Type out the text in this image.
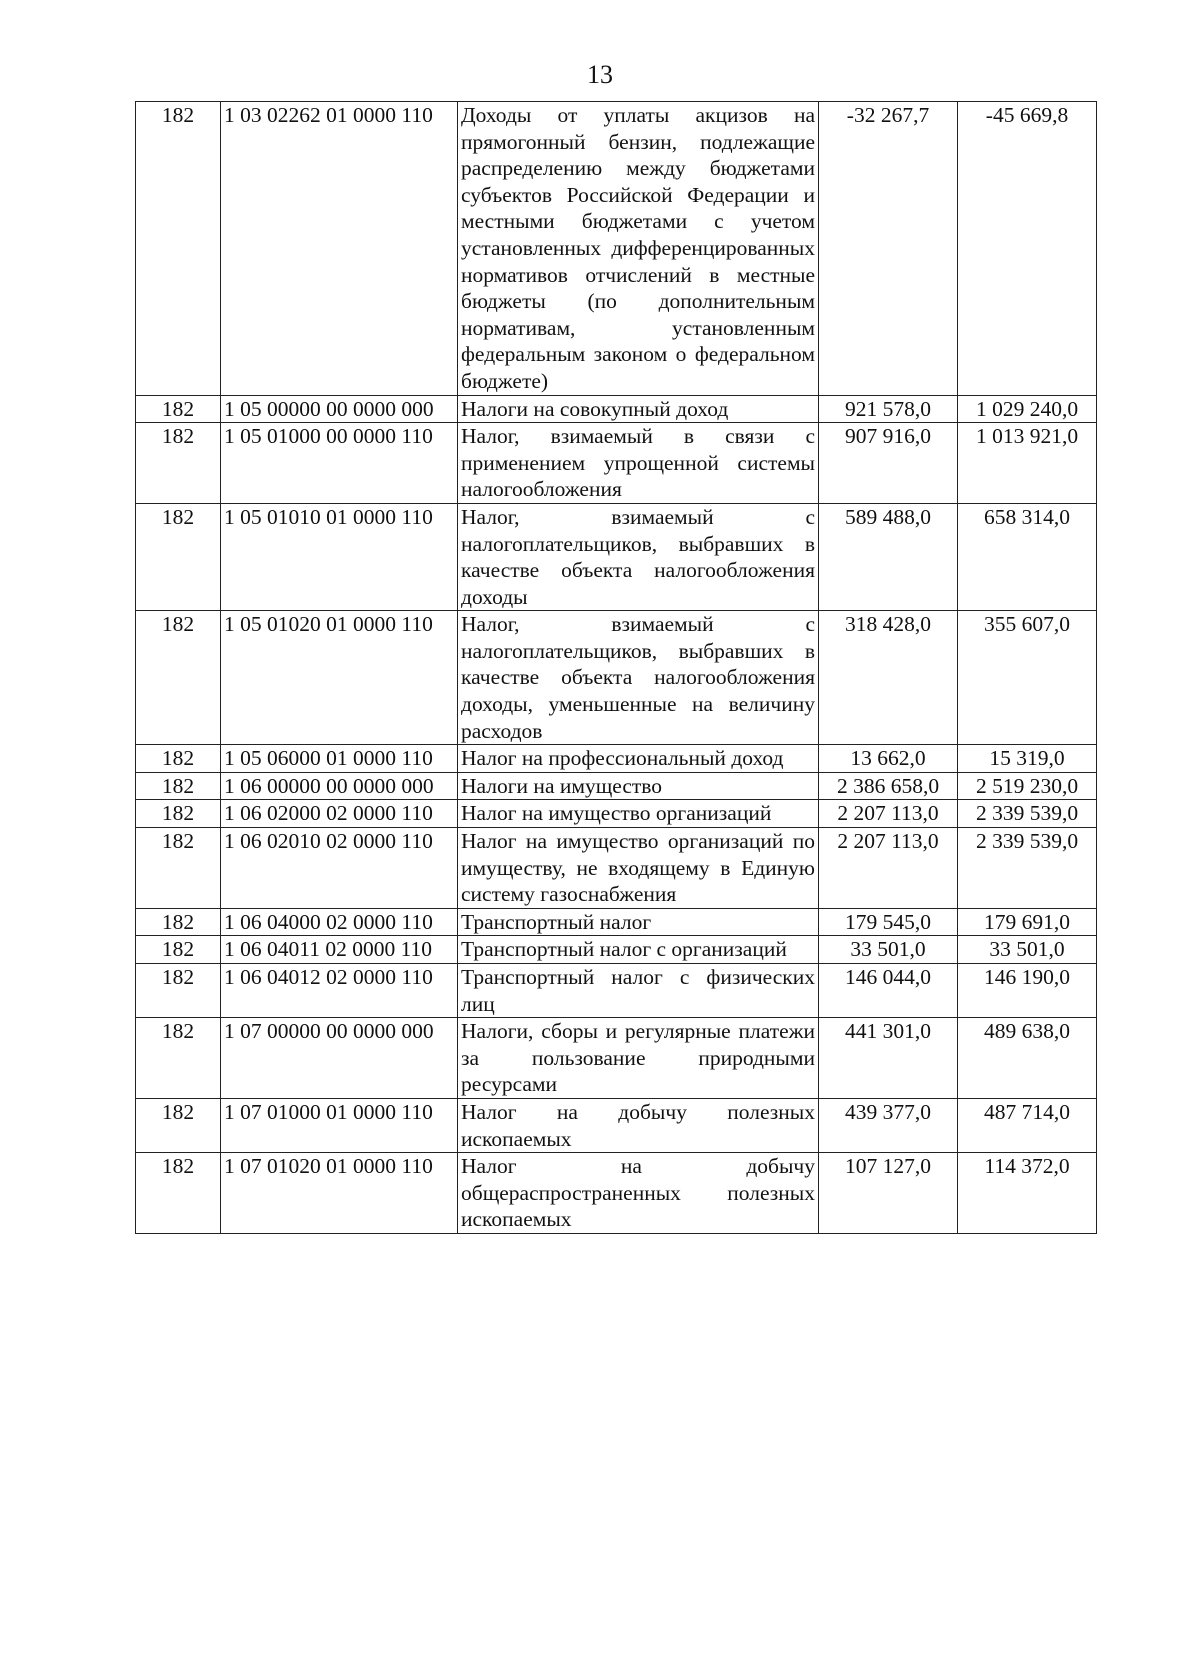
13
182	1 03 02262 01 0000 110	Доходы от уплаты акцизов на прямогонный бензин, подлежащие распределению между бюджетами субъектов Российской Федерации и местными бюджетами с учетом установленных дифференцированных нормативов отчислений в местные бюджеты (по дополнительным нормативам, установленным федеральным законом о федеральном бюджете)	-32 267,7	-45 669,8
182	1 05 00000 00 0000 000	Налоги на совокупный доход	921 578,0	1 029 240,0
182	1 05 01000 00 0000 110	Налог, взимаемый в связи с применением упрощенной системы налогообложения	907 916,0	1 013 921,0
182	1 05 01010 01 0000 110	Налог, взимаемый с налогоплательщиков, выбравших в качестве объекта налогообложения доходы	589 488,0	658 314,0
182	1 05 01020 01 0000 110	Налог, взимаемый с налогоплательщиков, выбравших в качестве объекта налогообложения доходы, уменьшенные на величину расходов	318 428,0	355 607,0
182	1 05 06000 01 0000 110	Налог на профессиональный доход	13 662,0	15 319,0
182	1 06 00000 00 0000 000	Налоги на имущество	2 386 658,0	2 519 230,0
182	1 06 02000 02 0000 110	Налог на имущество организаций	2 207 113,0	2 339 539,0
182	1 06 02010 02 0000 110	Налог на имущество организаций по имуществу, не входящему в Единую систему газоснабжения	2 207 113,0	2 339 539,0
182	1 06 04000 02 0000 110	Транспортный налог	179 545,0	179 691,0
182	1 06 04011 02 0000 110	Транспортный налог с организаций	33 501,0	33 501,0
182	1 06 04012 02 0000 110	Транспортный налог с физических лиц	146 044,0	146 190,0
182	1 07 00000 00 0000 000	Налоги, сборы и регулярные платежи за пользование природными ресурсами	441 301,0	489 638,0
182	1 07 01000 01 0000 110	Налог на добычу полезных ископаемых	439 377,0	487 714,0
182	1 07 01020 01 0000 110	Налог на добычу общераспространенных полезных ископаемых	107 127,0	114 372,0
